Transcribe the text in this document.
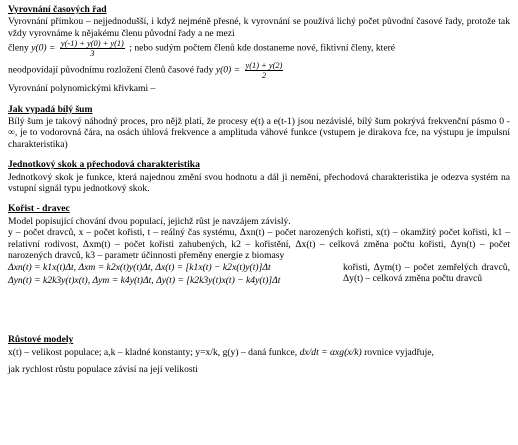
Vyrovnání časových řad
Vyrovnání přímkou – nejjednodušší, i když nejméně přesné, k vyrovnání se používá lichý počet původní časové řady, protože tak vždy vyrovnáme k nějakému členu původní řady a ne mezi
členy $y(0) = \frac{y(-1) + y(0) + y(1)}{3}$ ; nebo sudým počtem členů kde dostaneme nové, fiktivní členy, které
neodpovídají původnímu rozložení členů časové řady $y(0) = \frac{y(1) + y(2)}{2}$
Vyrovnání polynomickými křivkami –
Jak vypadá bílý šum
Bílý šum je takový náhodný proces, pro nějž platí, že procesy e(t) a e(t-1) jsou nezávislé, bílý šum pokrývá frekvenční pásmo 0 - ∞, je to vodorovná čára, na osách úhlová frekvence a amplituda váhové funkce (vstupem je dirakova fce, na výstupu je impulsní charakteristika)
Jednotkový skok a přechodová charakteristika
Jednotkový skok je funkce, která najednou změní svou hodnotu a dál ji nemění, přechodová charakteristika je odezva systém na vstupní signál typu jednotkový skok.
Kořist - dravec
Model popisující chování dvou populací, jejichž růst je navzájem závislý.
y – počet dravců, x – počet kořisti, t – reálný čas systému, Δxn(t) – počet narozených kořisti, x(t) – okamžitý počet kořisti, k1 – relativní rodivost, Δxm(t) – počet kořisti zahubených, k2 – kořistění, Δx(t) – celková změna počtu kořisti, Δyn(t) – počet narozených dravců, k3 – parametr účinnosti přeměny energie z biomasy
Δxn(t) = k1x(t)Δt, Δxm = k2x(t)y(t)Δt, Δx(t) = [k1x(t) − k2x(t)y(t)]Δt
Δyn(t) = k2k3y(t)x(t), Δym = k4y(t)Δt, Δy(t) = [k2k3y(t)x(t) − k4y(t)]Δt
kořisti, Δym(t) – počet zemřelých dravců, Δy(t) – celková změna počtu dravců
Růstové modely
x(t) – velikost populace; a,k – kladné konstanty; y=x/k, g(y) – daná funkce, dx/dt = αxg(x/k) rovnice vyjadřuje,
jak rychlost růstu populace závisí na její velikosti
